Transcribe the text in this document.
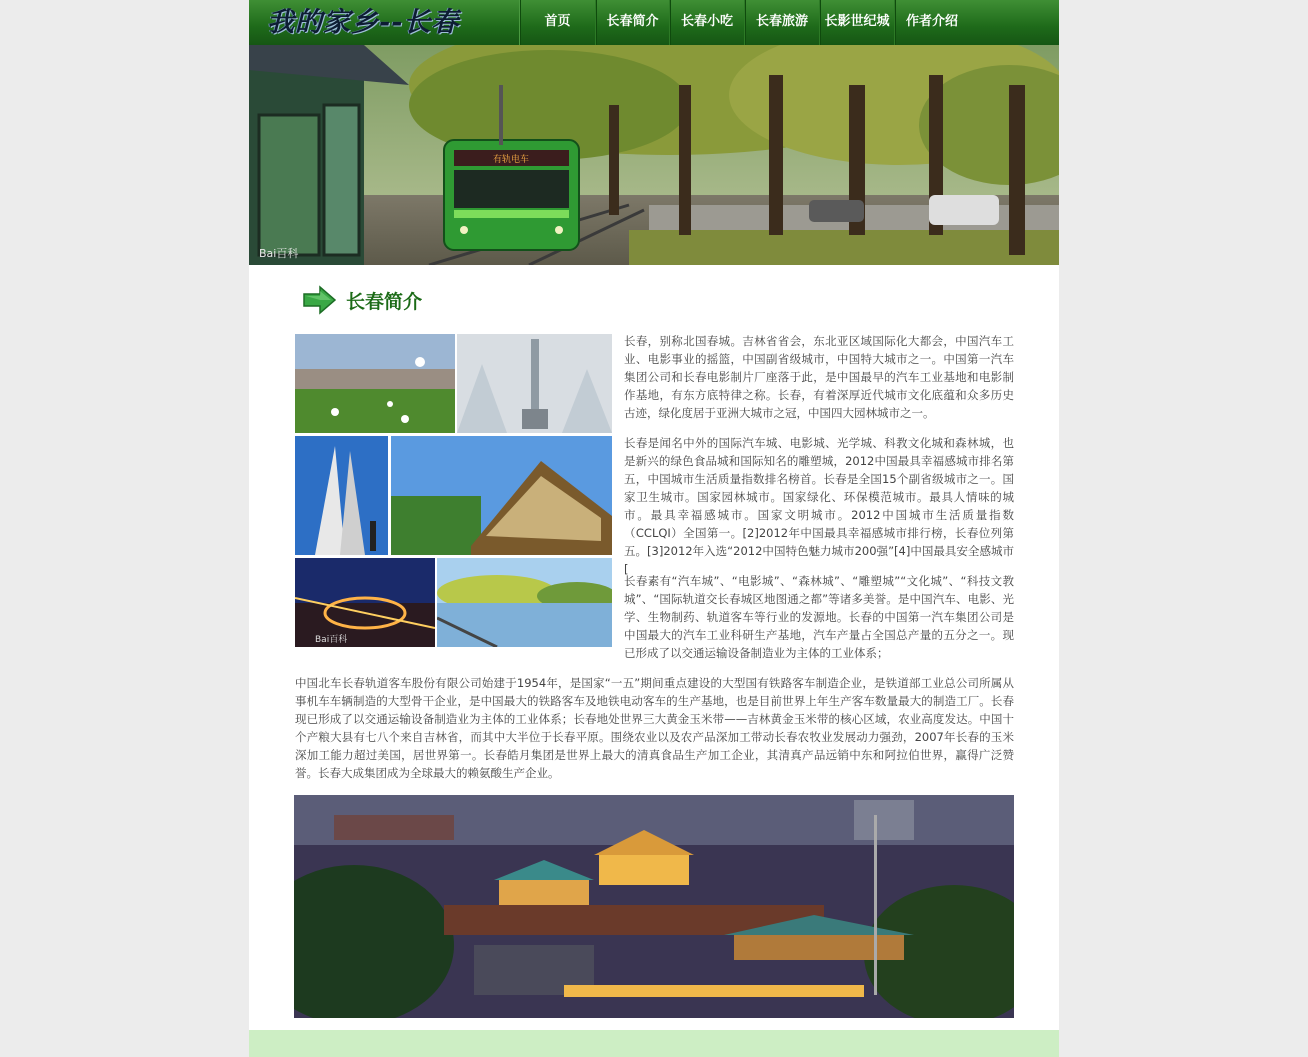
我的家乡--长春	首页	长春简介	长春小吃	长春旅游	长影世纪城	作者介绍
有轨电车
Bai百科
长春简介
Bai百科

长春，别称北国春城。吉林省省会，东北亚区域国际化大都会，中国汽车工业、电影事业的摇篮，中国副省级城市，中国特大城市之一。中国第一汽车集团公司和长春电影制片厂座落于此，是中国最早的汽车工业基地和电影制作基地，有东方底特律之称。长春，有着深厚近代城市文化底蕴和众多历史古迹，绿化度居于亚洲大城市之冠，中国四大园林城市之一。

长春是闻名中外的国际汽车城、电影城、光学城、科教文化城和森林城，也是新兴的绿色食品城和国际知名的雕塑城，2012中国最具幸福感城市排名第五，中国城市生活质量指数排名榜首。长春是全国15个副省级城市之一。国家卫生城市。国家园林城市。国家绿化、环保模范城市。最具人情味的城市。最具幸福感城市。国家文明城市。2012中国城市生活质量指数（CCLQI）全国第一。[2]2012年中国最具幸福感城市排行榜，长春位列第五。[3]2012年入选“2012中国特色魅力城市200强”[4]中国最具安全感城市[

长春素有“汽车城”、“电影城”、“森林城”、“雕塑城”“文化城”、“科技文教城”、“国际轨道交长春城区地图通之都”等诸多美誉。是中国汽车、电影、光学、生物制药、轨道客车等行业的发源地。长春的中国第一汽车集团公司是中国最大的汽车工业科研生产基地，汽车产量占全国总产量的五分之一。现已形成了以交通运输设备制造业为主体的工业体系；

中国北车长春轨道客车股份有限公司始建于1954年，是国家“一五”期间重点建设的大型国有铁路客车制造企业，是铁道部工业总公司所属从事机车车辆制造的大型骨干企业，是中国最大的铁路客车及地铁电动客车的生产基地，也是目前世界上年生产客车数量最大的制造工厂。长春现已形成了以交通运输设备制造业为主体的工业体系；长春地处世界三大黄金玉米带——吉林黄金玉米带的核心区域，农业高度发达。中国十个产粮大县有七八个来自吉林省，而其中大半位于长春平原。围绕农业以及农产品深加工带动长春农牧业发展动力强劲，2007年长春的玉米深加工能力超过美国，居世界第一。长春皓月集团是世界上最大的清真食品生产加工企业，其清真产品远销中东和阿拉伯世界，赢得广泛赞誉。长春大成集团成为全球最大的赖氨酸生产企业。
